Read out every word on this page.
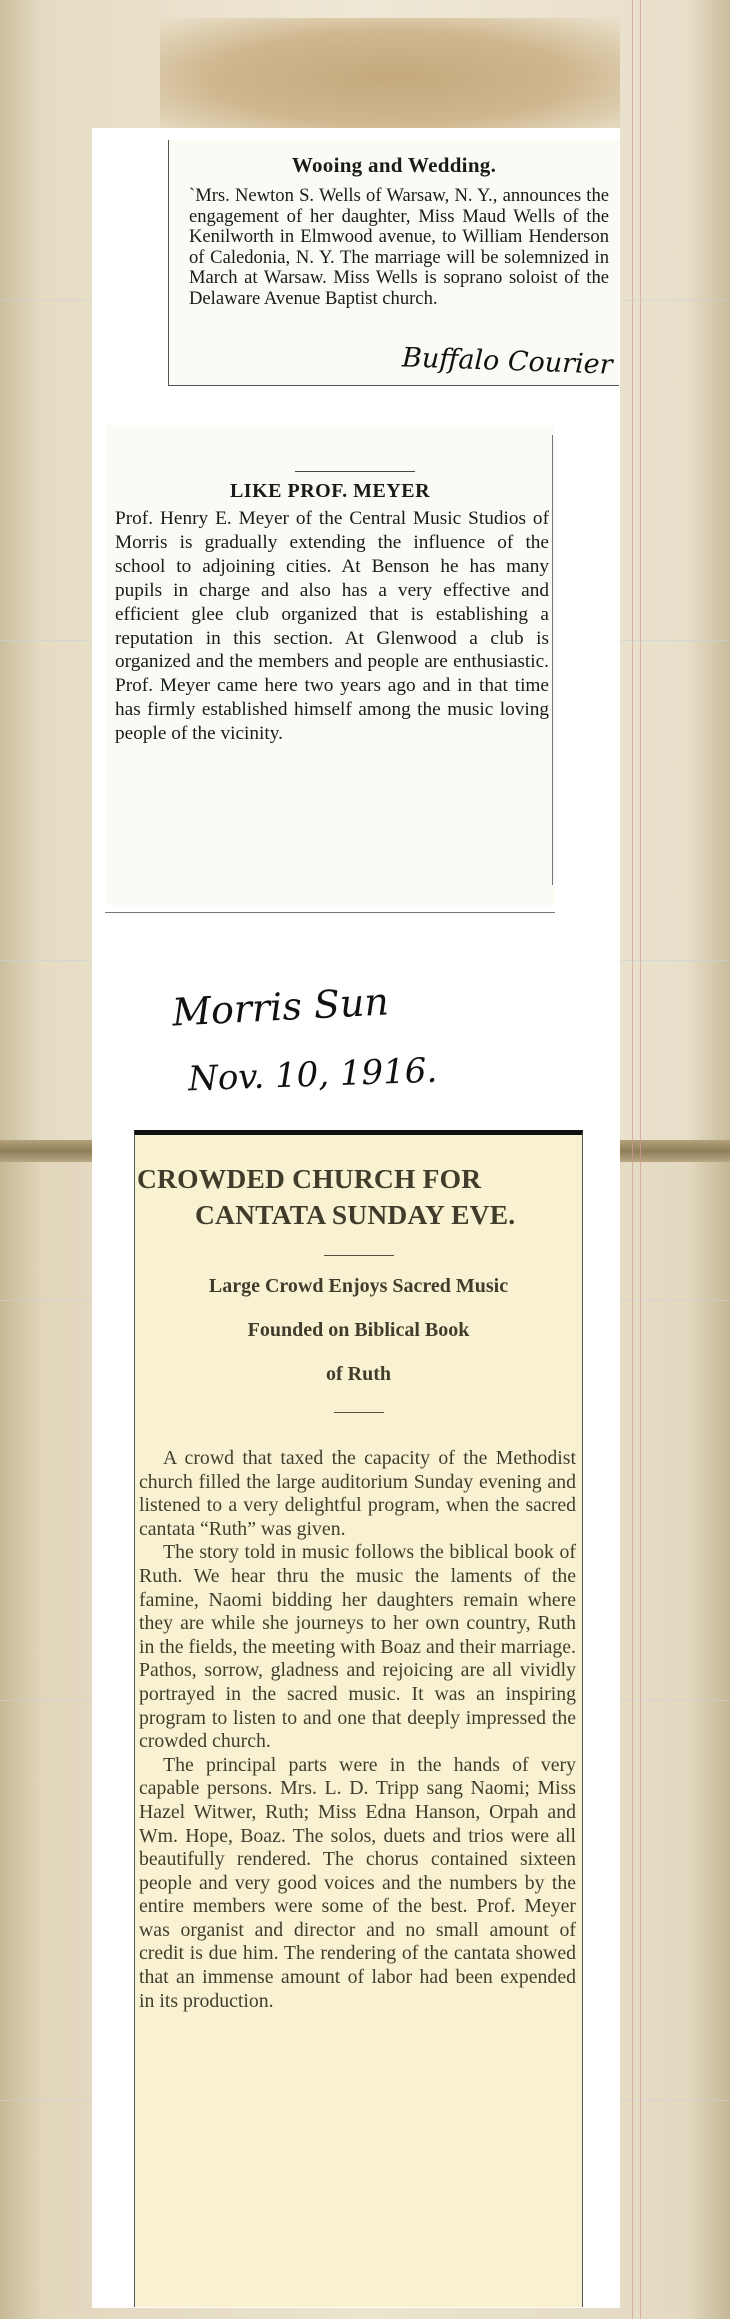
Wooing and Wedding.
`Mrs. Newton S. Wells of Warsaw, N. Y., announces the engagement of her daughter, Miss Maud Wells of the Kenilworth in Elmwood avenue, to William Henderson of Caledonia, N. Y. The marriage will be solemnized in March at Warsaw. Miss Wells is soprano soloist of the Delaware Avenue Baptist church.
Buffalo Courier
LIKE PROF. MEYER
Prof. Henry E. Meyer of the Central Music Studios of Morris is gradually extending the influence of the school to adjoining cities. At Benson he has many pupils in charge and also has a very effective and efficient glee club organized that is establishing a reputation in this section. At Glenwood a club is organized and the members and people are enthusiastic. Prof. Meyer came here two years ago and in that time has firmly established himself among the music loving people of the vicinity.
Morris Sun
Nov. 10, 1916.
CROWDED CHURCH FOR
CANTATA SUNDAY EVE.
Large Crowd Enjoys Sacred Music
Founded on Biblical Book
of Ruth
A crowd that taxed the capacity of the Methodist church filled the large auditorium Sunday evening and listened to a very delightful program, when the sacred cantata “Ruth” was given.
The story told in music follows the biblical book of Ruth. We hear thru the music the laments of the famine, Naomi bidding her daughters remain where they are while she journeys to her own country, Ruth in the fields, the meeting with Boaz and their marriage. Pathos, sorrow, gladness and rejoicing are all vividly portrayed in the sacred music. It was an inspiring program to listen to and one that deeply impressed the crowded church.
The principal parts were in the hands of very capable persons. Mrs. L. D. Tripp sang Naomi; Miss Hazel Witwer, Ruth; Miss Edna Hanson, Orpah and Wm. Hope, Boaz. The solos, duets and trios were all beautifully rendered. The chorus contained sixteen people and very good voices and the numbers by the entire members were some of the best. Prof. Meyer was organist and director and no small amount of credit is due him. The rendering of the cantata showed that an immense amount of labor had been expended in its production.
